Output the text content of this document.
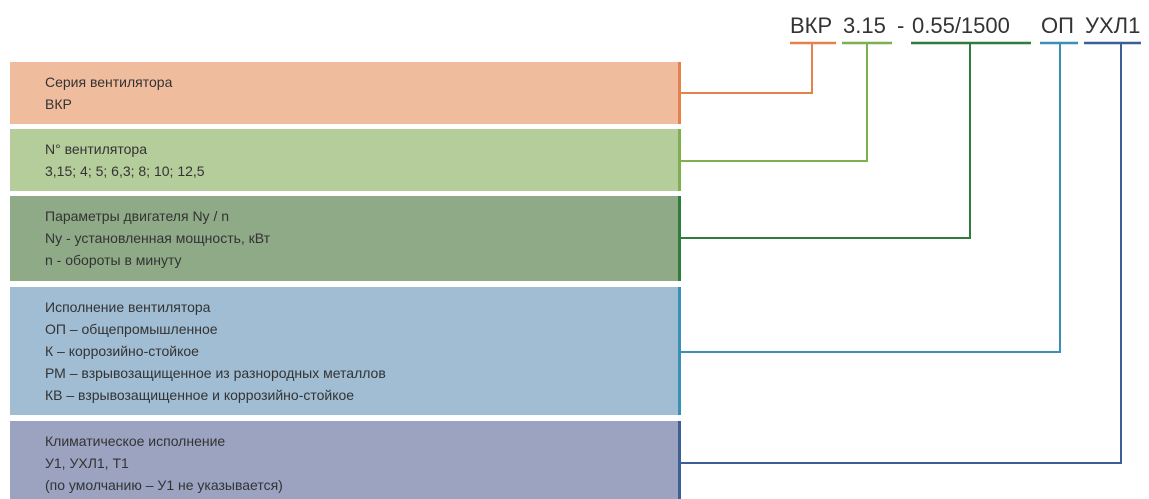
ВКР 3.15 - 0.55/1500 ОП УХЛ1
Серия вентилятора
ВКР
N° вентилятора
3,15; 4; 5; 6,3; 8; 10; 12,5
Параметры двигателя Ny / n
Ny - установленная мощность, кВт
n - обороты в минуту
Исполнение вентилятора
ОП – общепромышленное
К – коррозийно-стойкое
РМ – взрывозащищенное из разнородных металлов
КВ – взрывозащищенное и коррозийно-стойкое
Климатическое исполнение
У1, УХЛ1, Т1
(по умолчанию – У1 не указывается)
